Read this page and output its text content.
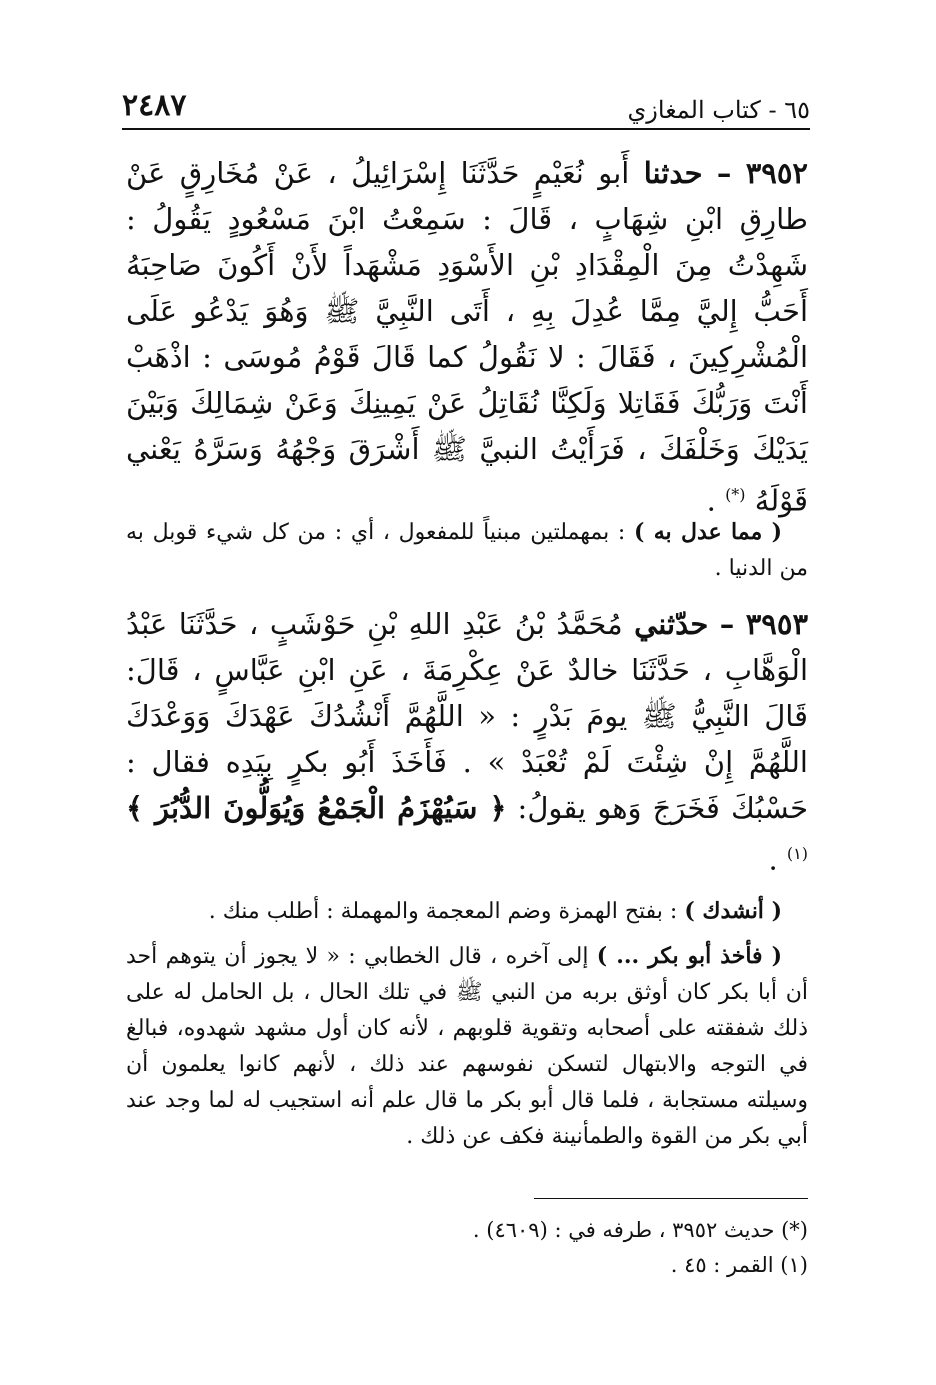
٦٥ - كتاب المغازي
٢٤٨٧

٣٩٥٢ – حدثنا أَبو نُعَيْمٍ حَدَّثَنَا إِسْرَائِيلُ ، عَنْ مُخَارِقٍ عَنْ طارِقِ ابْنِ شِهَابٍ ، قَالَ : سَمِعْتُ ابْنَ مَسْعُودٍ يَقُولُ : شَهِدْتُ مِنَ الْمِقْدَادِ بْنِ الأَسْوَدِ مَشْهَداً لأَنْ أَكُونَ صَاحِبَهُ أَحَبُّ إِليَّ مِمَّا عُدِلَ بِهِ ، أَتَى النَّبِيَّ ﷺ وَهُوَ يَدْعُو عَلَى الْمُشْرِكِينَ ، فَقَالَ : لا نَقُولُ كما قَالَ قَوْمُ مُوسَى : اذْهَبْ أَنْتَ وَرَبُّكَ فَقَاتِلا وَلَكِنَّا نُقَاتِلُ عَنْ يَمِينِكَ وَعَنْ شِمَالِكَ وَبَيْنَ يَدَيْكَ وَخَلْفَكَ ، فَرَأَيْتُ النبيَّ ﷺ أَشْرَقَ وَجْهُهُ وَسَرَّهُ يَعْني قَوْلَهُ (*) .

( مما عدل به ) : بمهملتين مبنياً للمفعول ، أي : من كل شيء قوبل به من الدنيا .

٣٩٥٣ – حدّثني مُحَمَّدُ بْنُ عَبْدِ اللهِ بْنِ حَوْشَبٍ ، حَدَّثَنَا عَبْدُ الْوَهَّابِ ، حَدَّثَنَا خالدٌ عَنْ عِكْرِمَةَ ، عَنِ ابْنِ عَبَّاسٍ ، قَالَ: قَالَ النَّبِيُّ ﷺ يومَ بَدْرٍ : « اللَّهُمَّ أَنْشُدُكَ عَهْدَكَ وَوَعْدَكَ اللَّهُمَّ إِنْ شِئْتَ لَمْ تُعْبَدْ » . فَأَخَذَ أَبُو بكرٍ بِيَدِه فقال : حَسْبُكَ فَخَرَجَ وَهو يقولُ: ﴿ سَيُهْزَمُ الْجَمْعُ وَيُوَلُّونَ الدُّبُرَ ﴾ $^{(١)}$ .

( أنشدك ) : بفتح الهمزة وضم المعجمة والمهملة : أطلب منك .

( فأخذ أبو بكر ... ) إلى آخره ، قال الخطابي : « لا يجوز أن يتوهم أحد أن أبا بكر كان أوثق بربه من النبي ﷺ في تلك الحال ، بل الحامل له على ذلك شفقته على أصحابه وتقوية قلوبهم ، لأنه كان أول مشهد شهدوه، فبالغ في التوجه والابتهال لتسكن نفوسهم عند ذلك ، لأنهم كانوا يعلمون أن وسيلته مستجابة ، فلما قال أبو بكر ما قال علم أنه استجيب له لما وجد عند أبي بكر من القوة والطمأنينة فكف عن ذلك .

(*) حديث ٣٩٥٢ ، طرفه في : (٤٦٠٩) .
(١) القمر : ٤٥ .
